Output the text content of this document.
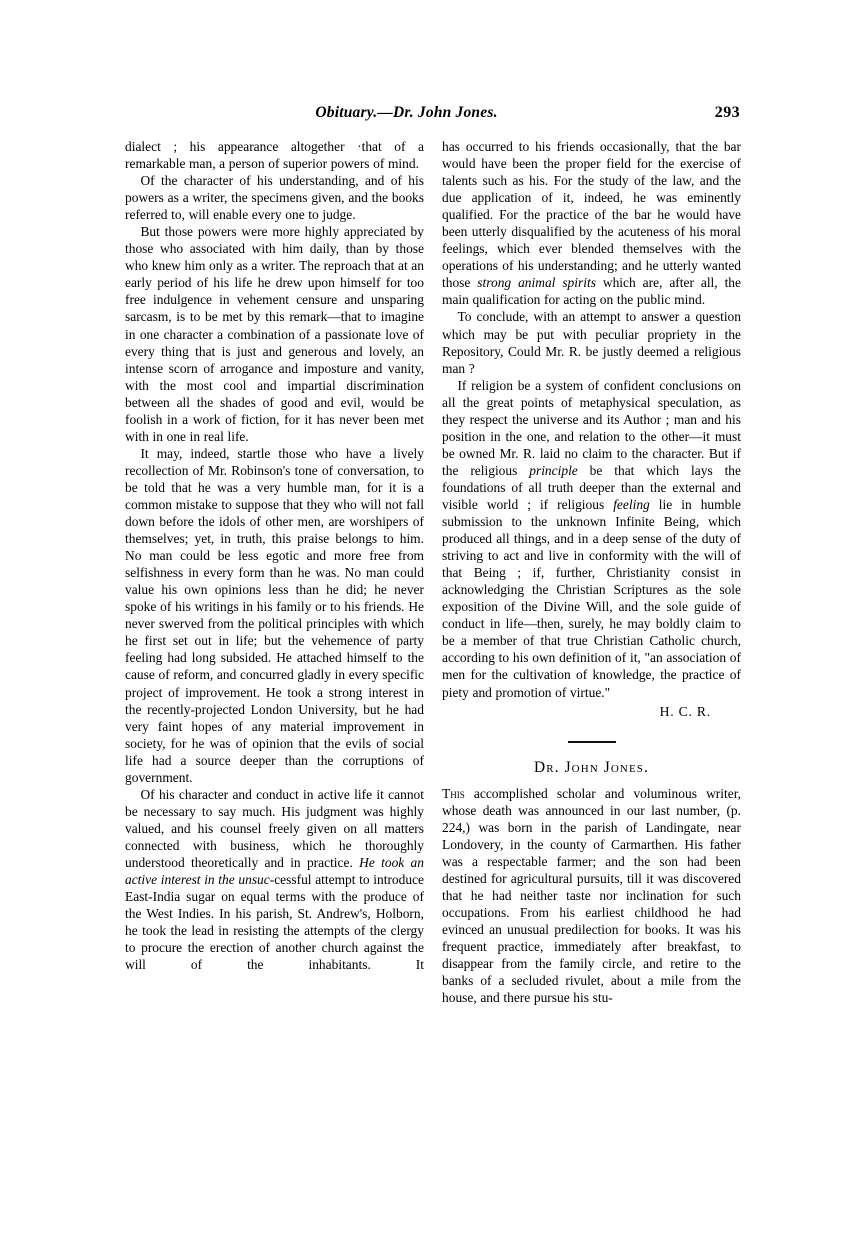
Obituary.—Dr. John Jones.	293

dialect ; his appearance altogether ·that of a remarkable man, a person of superior powers of mind.

Of the character of his understanding, and of his powers as a writer, the specimens given, and the books referred to, will enable every one to judge.

But those powers were more highly appreciated by those who associated with him daily, than by those who knew him only as a writer. The reproach that at an early period of his life he drew upon himself for too free indulgence in vehement censure and unsparing sarcasm, is to be met by this remark—that to imagine in one character a combination of a passionate love of every thing that is just and generous and lovely, an intense scorn of arrogance and imposture and vanity, with the most cool and impartial discrimination between all the shades of good and evil, would be foolish in a work of fiction, for it has never been met with in one in real life.

It may, indeed, startle those who have a lively recollection of Mr. Robinson's tone of conversation, to be told that he was a very humble man, for it is a common mistake to suppose that they who will not fall down before the idols of other men, are worshipers of themselves; yet, in truth, this praise belongs to him. No man could be less egotic and more free from selfishness in every form than he was. No man could value his own opinions less than he did; he never spoke of his writings in his family or to his friends. He never swerved from the political principles with which he first set out in life; but the vehemence of party feeling had long subsided. He attached himself to the cause of reform, and concurred gladly in every specific project of improvement. He took a strong interest in the recently-projected London University, but he had very faint hopes of any material improvement in society, for he was of opinion that the evils of social life had a source deeper than the corruptions of government.

Of his character and conduct in active life it cannot be necessary to say much. His judgment was highly valued, and his counsel freely given on all matters connected with business, which he thoroughly understood theoretically and in practice. He took an active interest in the unsuc-cessful attempt to introduce East-India sugar on equal terms with the produce of the West Indies. In his parish, St. Andrew's, Holborn, he took the lead in resisting the attempts of the clergy to procure the erection of another church against the will of the inhabitants. It

has occurred to his friends occasionally, that the bar would have been the proper field for the exercise of talents such as his. For the study of the law, and the due application of it, indeed, he was eminently qualified. For the practice of the bar he would have been utterly disqualified by the acuteness of his moral feelings, which ever blended themselves with the operations of his understanding; and he utterly wanted those strong animal spirits which are, after all, the main qualification for acting on the public mind.

To conclude, with an attempt to answer a question which may be put with peculiar propriety in the Repository, Could Mr. R. be justly deemed a religious man ?

If religion be a system of confident conclusions on all the great points of metaphysical speculation, as they respect the universe and its Author ; man and his position in the one, and relation to the other—it must be owned Mr. R. laid no claim to the character. But if the religious principle be that which lays the foundations of all truth deeper than the external and visible world ; if religious feeling lie in humble submission to the unknown Infinite Being, which produced all things, and in a deep sense of the duty of striving to act and live in conformity with the will of that Being ; if, further, Christianity consist in acknowledging the Christian Scriptures as the sole exposition of the Divine Will, and the sole guide of conduct in life—then, surely, he may boldly claim to be a member of that true Christian Catholic church, according to his own definition of it, "an association of men for the cultivation of knowledge, the practice of piety and promotion of virtue."

H. C. R.
Dr. John Jones.

This accomplished scholar and voluminous writer, whose death was announced in our last number, (p. 224,) was born in the parish of Landingate, near Londovery, in the county of Carmarthen. His father was a respectable farmer; and the son had been destined for agricultural pursuits, till it was discovered that he had neither taste nor inclination for such occupations. From his earliest childhood he had evinced an unusual predilection for books. It was his frequent practice, immediately after breakfast, to disappear from the family circle, and retire to the banks of a secluded rivulet, about a mile from the house, and there pursue his stu-
